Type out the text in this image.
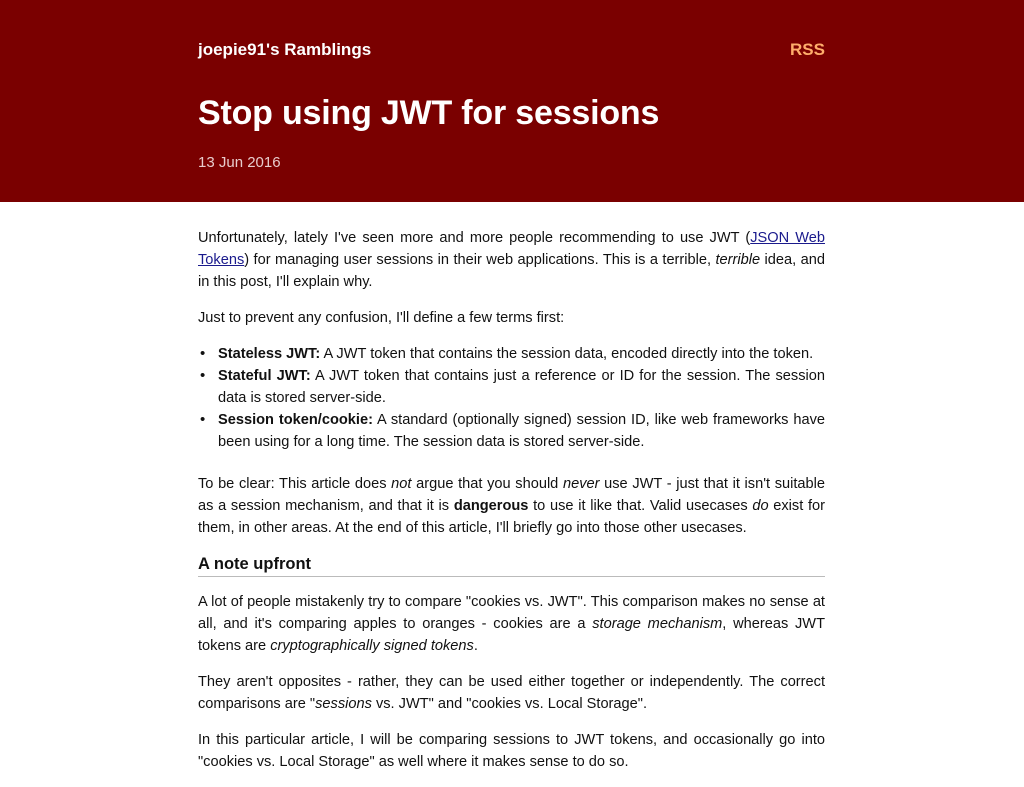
joepie91's Ramblings	RSS
Stop using JWT for sessions
13 Jun 2016

Unfortunately, lately I've seen more and more people recommending to use JWT (JSON Web Tokens) for managing user sessions in their web applications. This is a terrible, terrible idea, and in this post, I'll explain why.

Just to prevent any confusion, I'll define a few terms first:

• Stateless JWT: A JWT token that contains the session data, encoded directly into the token.
• Stateful JWT: A JWT token that contains just a reference or ID for the session. The session data is stored server-side.
• Session token/cookie: A standard (optionally signed) session ID, like web frameworks have been using for a long time. The session data is stored server-side.

To be clear: This article does not argue that you should never use JWT - just that it isn't suitable as a session mechanism, and that it is dangerous to use it like that. Valid usecases do exist for them, in other areas. At the end of this article, I'll briefly go into those other usecases.

A note upfront

A lot of people mistakenly try to compare "cookies vs. JWT". This comparison makes no sense at all, and it's comparing apples to oranges - cookies are a storage mechanism, whereas JWT tokens are cryptographically signed tokens.

They aren't opposites - rather, they can be used either together or independently. The correct comparisons are "sessions vs. JWT" and "cookies vs. Local Storage".

In this particular article, I will be comparing sessions to JWT tokens, and occasionally go into "cookies vs. Local Storage" as well where it makes sense to do so.
